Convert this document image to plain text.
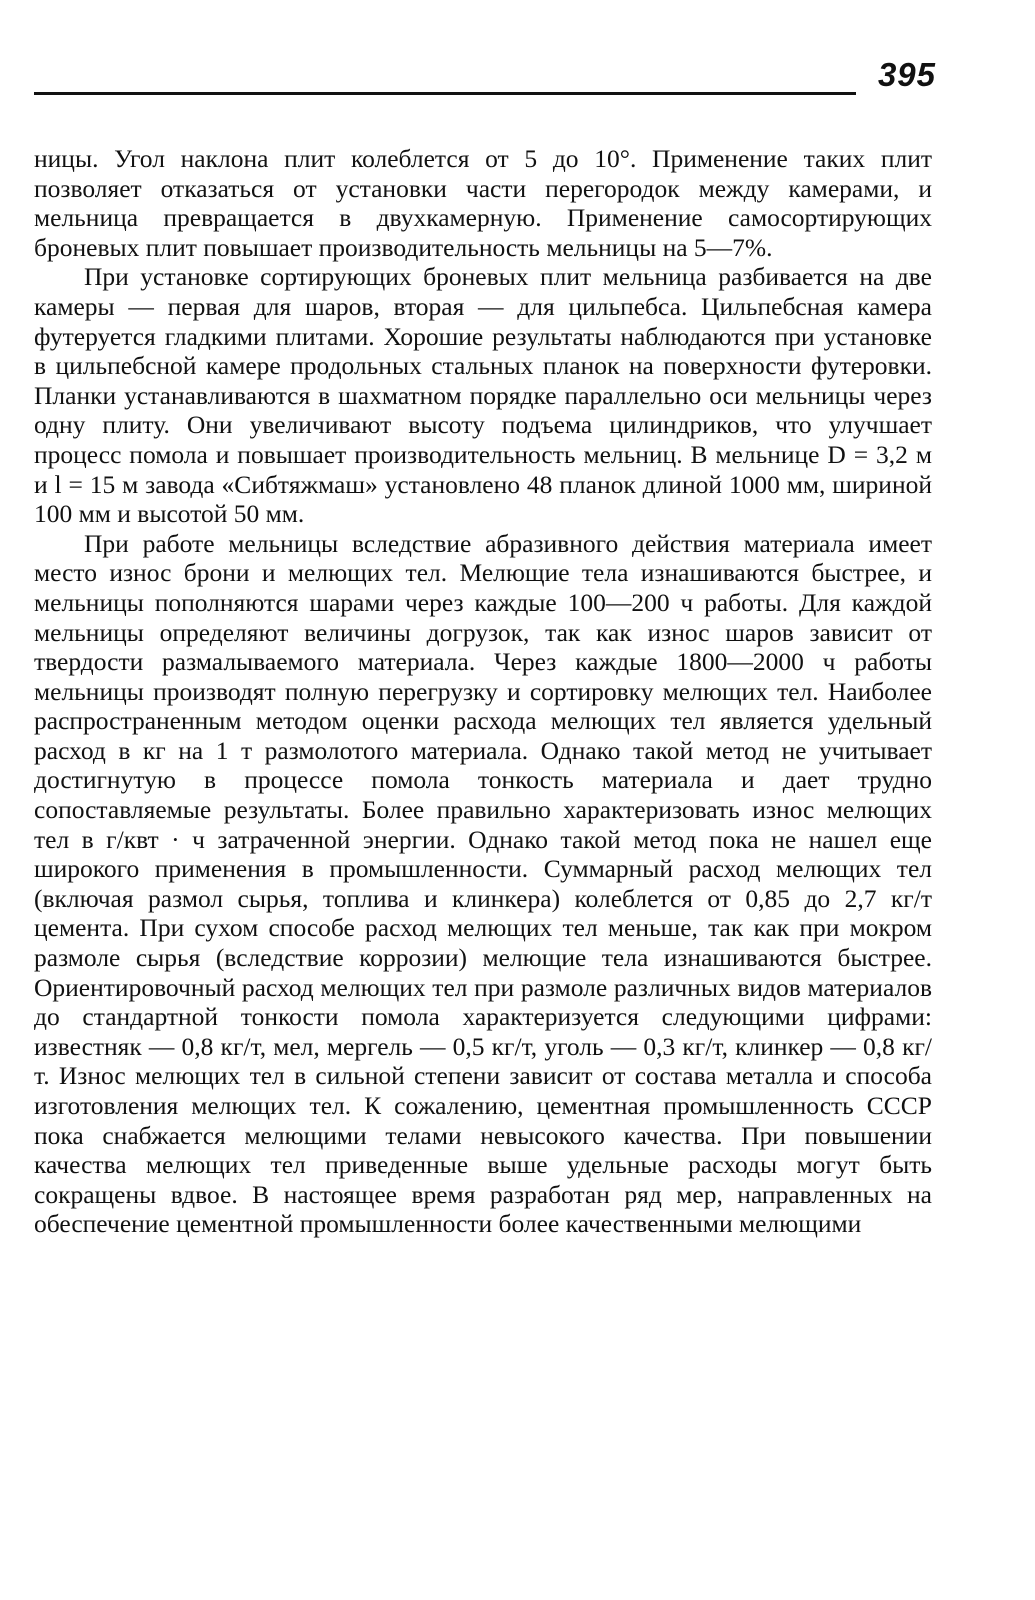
395

ницы. Угол наклона плит колеблется от 5 до 10°. Применение таких плит позволяет отказаться от установки части перегородок между камерами, и мельница превращается в двухкамерную. Применение самосортирующих броневых плит повышает производительность мельницы на 5—7%.

При установке сортирующих броневых плит мельница разбивается на две камеры — первая для шаров, вторая — для цильпебса. Цильпебсная камера футеруется гладкими плитами. Хорошие результаты наблюдаются при установке в цильпебсной камере продольных стальных планок на поверхности футеровки. Планки устанавливаются в шахматном порядке параллельно оси мельницы через одну плиту. Они увеличивают высоту подъема цилиндриков, что улучшает процесс помола и повышает производительность мельниц. В мельнице D = 3,2 м и l = 15 м завода «Сибтяжмаш» установлено 48 планок длиной 1000 мм, шириной 100 мм и высотой 50 мм.

При работе мельницы вследствие абразивного действия материала имеет место износ брони и мелющих тел. Мелющие тела изнашиваются быстрее, и мельницы пополняются шарами через каждые 100—200 ч работы. Для каждой мельницы определяют величины догрузок, так как износ шаров зависит от твердости размалываемого материала. Через каждые 1800—2000 ч работы мельницы производят полную перегрузку и сортировку мелющих тел. Наиболее распространенным методом оценки расхода мелющих тел является удельный расход в кг на 1 т размолотого материала. Однако такой метод не учитывает достигнутую в процессе помола тонкость материала и дает трудно сопоставляемые результаты. Более правильно характеризовать износ мелющих тел в г/квт · ч затраченной энергии. Однако такой метод пока не нашел еще широкого применения в промышленности. Суммарный расход мелющих тел (включая размол сырья, топлива и клинкера) колеблется от 0,85 до 2,7 кг/т цемента. При сухом способе расход мелющих тел меньше, так как при мокром размоле сырья (вследствие коррозии) мелющие тела изнашиваются быстрее. Ориентировочный расход мелющих тел при размоле различных видов материалов до стандартной тонкости помола характеризуется следующими цифрами: известняк — 0,8 кг/т, мел, мергель — 0,5 кг/т, уголь — 0,3 кг/т, клинкер — 0,8 кг/т. Износ мелющих тел в сильной степени зависит от состава металла и способа изготовления мелющих тел. К сожалению, цементная промышленность СССР пока снабжается мелющими телами невысокого качества. При повышении качества мелющих тел приведенные выше удельные расходы могут быть сокращены вдвое. В настоящее время разработан ряд мер, направленных на обеспечение цементной промышленности более качественными мелющими
